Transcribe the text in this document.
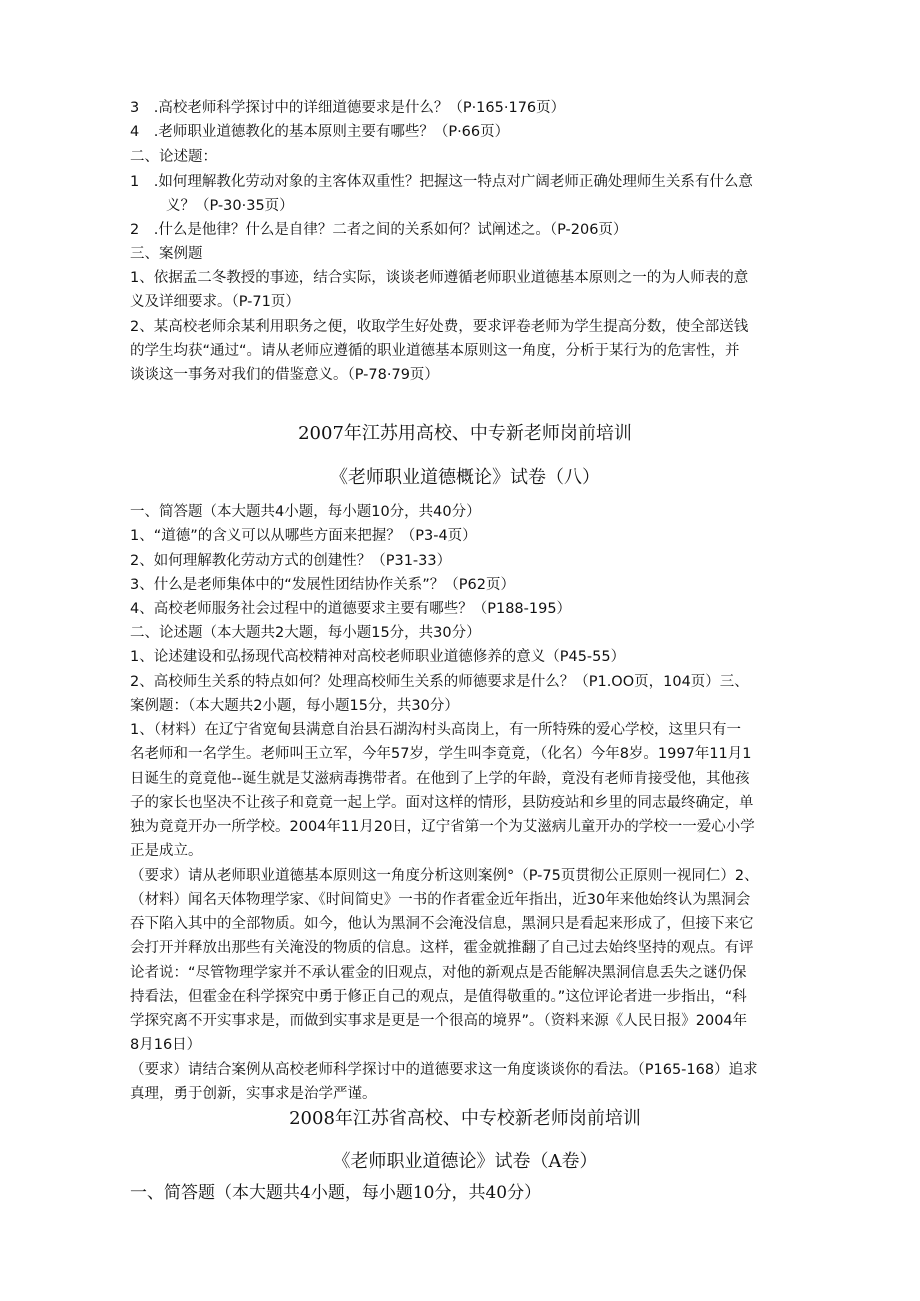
3　.高校老师科学探讨中的详细道德要求是什么？（P·165·176页）
4　.老师职业道德教化的基本原则主要有哪些？（P·66页）
二、论述题：
1　.如何理解教化劳动对象的主客体双重性？把握这一特点对广阔老师正确处理师生关系有什么意
义？（P-30·35页）
2　.什么是他律？什么是自律？二者之间的关系如何？试阐述之。（P-206页）
三、案例题
1、依据孟二冬教授的事迹，结合实际，谈谈老师遵循老师职业道德基本原则之一的为人师表的意
义及详细要求。（P-71页）
2、某高校老师余某利用职务之便，收取学生好处费，要求评卷老师为学生提高分数，使全部送钱
的学生均获“通过“。请从老师应遵循的职业道德基本原则这一角度，分析于某行为的危害性，并
谈谈这一事务对我们的借鉴意义。（P-78·79页）
2007年江苏用高校、中专新老师岗前培训
《老师职业道德概论》试卷（八）
一、简答题（本大题共4小题，每小题10分，共40分）
1、“道德”的含义可以从哪些方面来把握？（P3-4页）
2、如何理解教化劳动方式的创建性？（P31-33）
3、什么是老师集体中的“发展性团结协作关系”？（P62页）
4、高校老师服务社会过程中的道德要求主要有哪些？（P188-195）
二、论述题（本大题共2大题，每小题15分，共30分）
1、论述建设和弘扬现代高校精神对高校老师职业道德修养的意义（P45-55）
2、高校师生关系的特点如何？处理高校师生关系的师德要求是什么？（P1.OO页，104页）三、
案例题：（本大题共2小题，每小题15分，共30分）
1、（材料）在辽宁省宽甸县满意自治县石湖沟村头高岗上，有一所特殊的爱心学校，这里只有一
名老师和一名学生。老师叫王立军，今年57岁，学生叫李竟竟，（化名）今年8岁。1997年11月1
日诞生的竟竟他--诞生就是艾滋病毒携带者。在他到了上学的年龄，竟没有老师肯接受他，其他孩
子的家长也坚决不让孩子和竟竟一起上学。面对这样的情形，县防疫站和乡里的同志最终确定，单
独为竟竟开办一所学校。2004年11月20日，辽宁省第一个为艾滋病儿童开办的学校一一爱心小学
正是成立。
（要求）请从老师职业道德基本原则这一角度分析这则案例°（P-75页贯彻公正原则一视同仁）2、
（材料）闻名天体物理学家、《时间简史》一书的作者霍金近年指出，近30年来他始终认为黑洞会
吞下陷入其中的全部物质。如今，他认为黑洞不会淹没信息，黑洞只是看起来形成了，但接下来它
会打开并释放出那些有关淹没的物质的信息。这样，霍金就推翻了自己过去始终坚持的观点。有评
论者说：“尽管物理学家并不承认霍金的旧观点，对他的新观点是否能解决黑洞信息丢失之谜仍保
持看法，但霍金在科学探究中勇于修正自己的观点，是值得敬重的。”这位评论者进一步指出，“科
学探究离不开实事求是，而做到实事求是更是一个很高的境界”。（资料来源《人民日报》2004年
8月16日）
（要求）请结合案例从高校老师科学探讨中的道德要求这一角度谈谈你的看法。（P165-168）追求
真理，勇于创新，实事求是治学严谨。
2008年江苏省高校、中专校新老师岗前培训
《老师职业道德论》试卷（A卷）
一、简答题（本大题共4小题，每小题10分，共40分）
